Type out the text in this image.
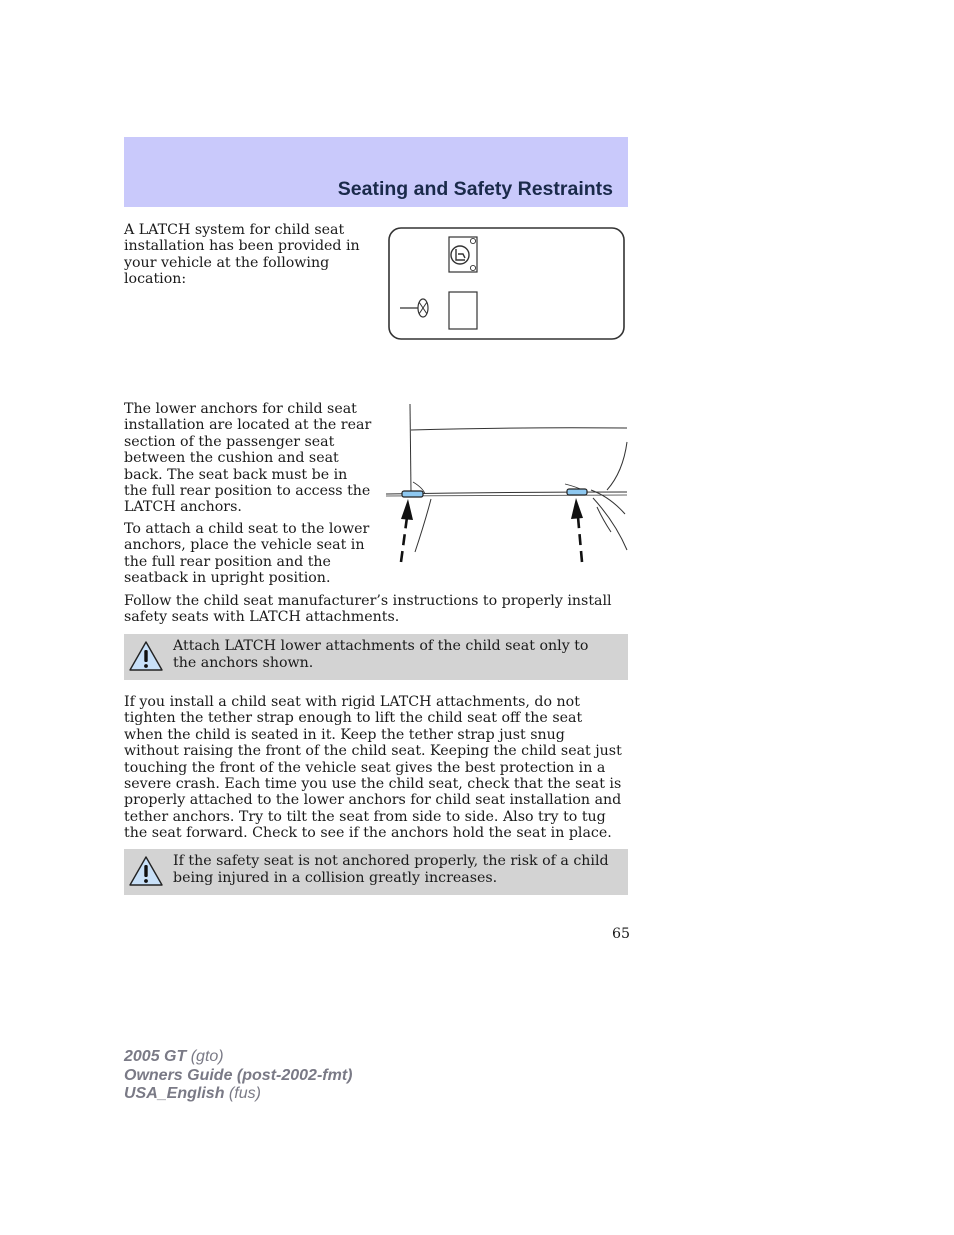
Seating and Safety Restraints

A LATCH system for child seat installation has been provided in your vehicle at the following location:

The lower anchors for child seat installation are located at the rear section of the passenger seat between the cushion and seat back. The seat back must be in the full rear position to access the LATCH anchors.

To attach a child seat to the lower anchors, place the vehicle seat in the full rear position and the seatback in upright position.

Follow the child seat manufacturer’s instructions to properly install safety seats with LATCH attachments.

Attach LATCH lower attachments of the child seat only to the anchors shown.

If you install a child seat with rigid LATCH attachments, do not tighten the tether strap enough to lift the child seat off the seat when the child is seated in it. Keep the tether strap just snug without raising the front of the child seat. Keeping the child seat just touching the front of the vehicle seat gives the best protection in a severe crash. Each time you use the child seat, check that the seat is properly attached to the lower anchors for child seat installation and tether anchors. Try to tilt the seat from side to side. Also try to tug the seat forward. Check to see if the anchors hold the seat in place.

If the safety seat is not anchored properly, the risk of a child being injured in a collision greatly increases.
65
2005 GT (gto)
Owners Guide (post-2002-fmt)
USA_English (fus)
